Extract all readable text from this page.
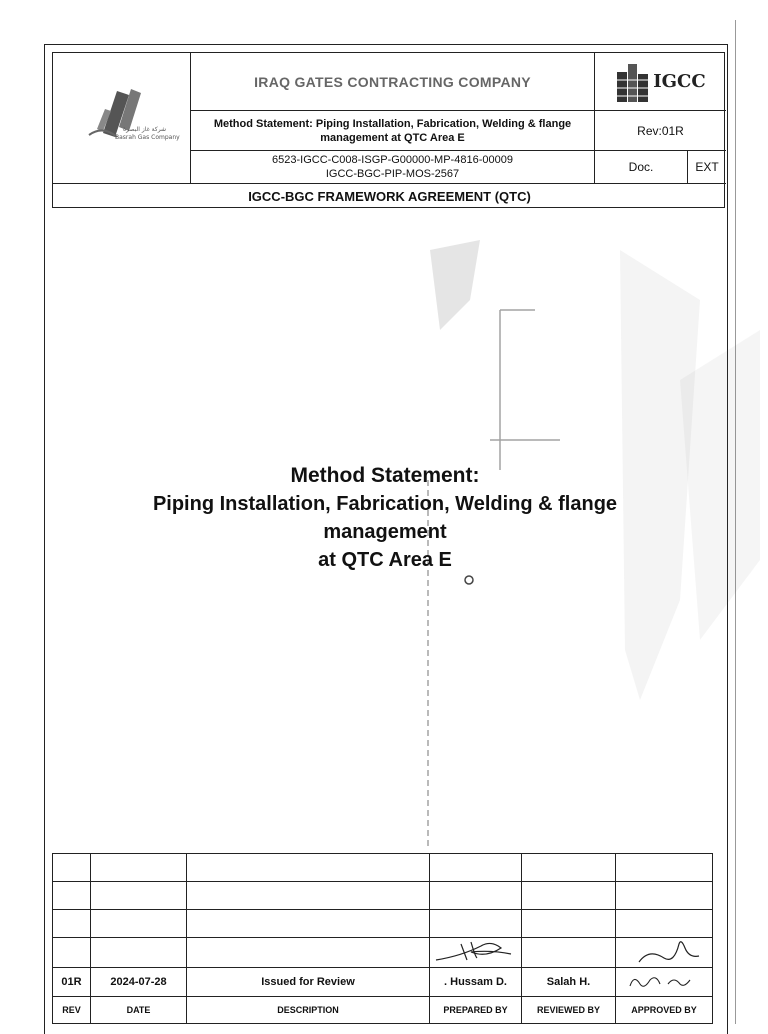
شركة غاز البصرة
Basrah Gas Company
IRAQ GATES CONTRACTING COMPANY	IGCC
Method Statement: Piping Installation, Fabrication, Welding & flange management at QTC Area E	Rev:01R
6523-IGCC-C008-ISGP-G00000-MP-4816-00009
IGCC-BGC-PIP-MOS-2567	Doc.	EXT
IGCC-BGC FRAMEWORK AGREEMENT (QTC)
Method Statement:
Piping Installation, Fabrication, Welding & flange
management
at QTC Area E

01R	2024-07-28	Issued for Review	. Hussam D.	Salah H.	
REV	DATE	DESCRIPTION	PREPARED BY	REVIEWED BY	APPROVED BY
